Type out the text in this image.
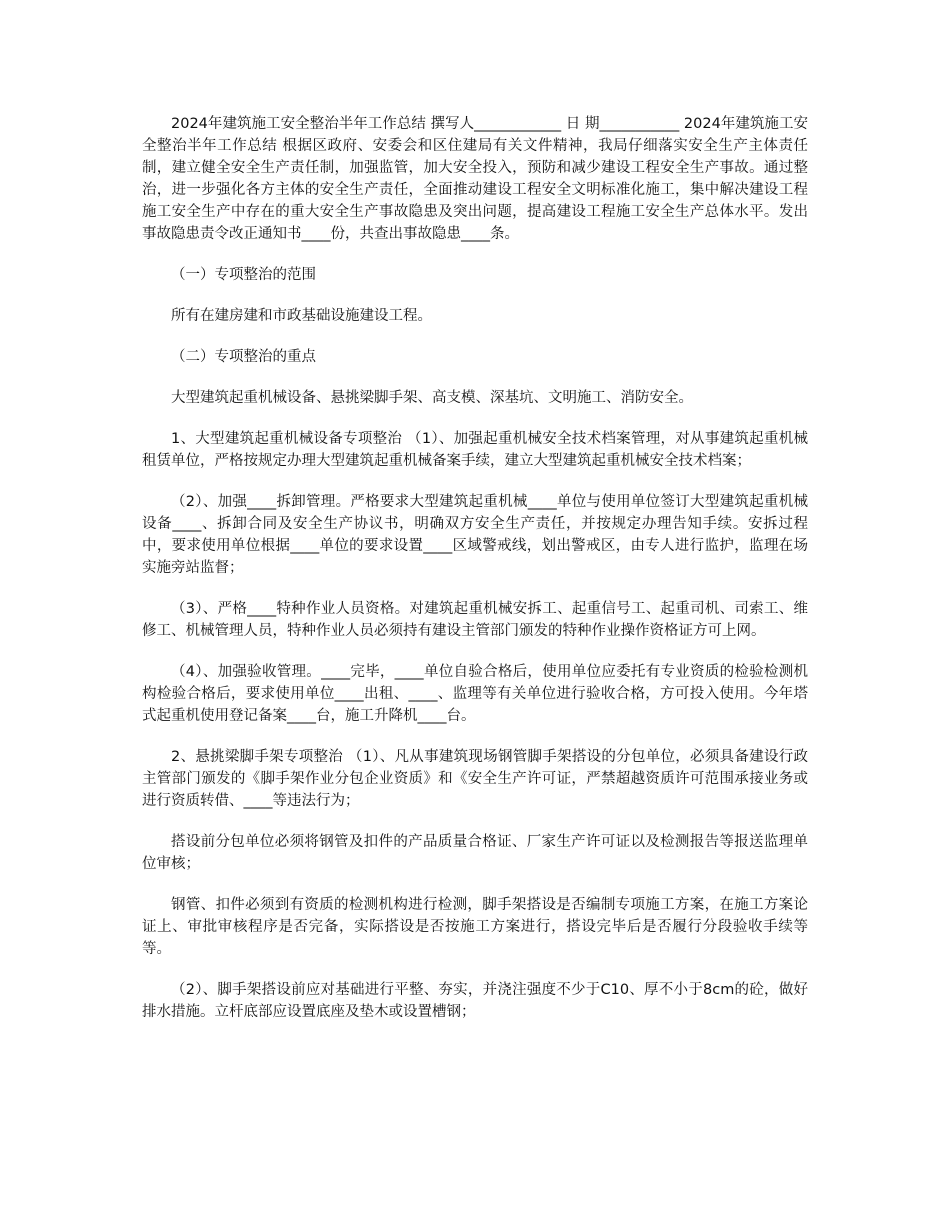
2024年建筑施工安全整治半年工作总结 撰写人____________ 日 期___________ 2024年建筑施工安全整治半年工作总结 根据区政府、安委会和区住建局有关文件精神，我局仔细落实安全生产主体责任制，建立健全安全生产责任制，加强监管，加大安全投入，预防和减少建设工程安全生产事故。通过整治，进一步强化各方主体的安全生产责任，全面推动建设工程安全文明标准化施工，集中解决建设工程施工安全生产中存在的重大安全生产事故隐患及突出问题，提高建设工程施工安全生产总体水平。发出事故隐患责令改正通知书____份，共查出事故隐患____条。

（一）专项整治的范围

所有在建房建和市政基础设施建设工程。

（二）专项整治的重点

大型建筑起重机械设备、悬挑梁脚手架、高支模、深基坑、文明施工、消防安全。

1、大型建筑起重机械设备专项整治 （1）、加强起重机械安全技术档案管理，对从事建筑起重机械租赁单位，严格按规定办理大型建筑起重机械备案手续，建立大型建筑起重机械安全技术档案；

（2）、加强____拆卸管理。严格要求大型建筑起重机械____单位与使用单位签订大型建筑起重机械设备____、拆卸合同及安全生产协议书，明确双方安全生产责任，并按规定办理告知手续。安拆过程中，要求使用单位根据____单位的要求设置____区域警戒线，划出警戒区，由专人进行监护，监理在场实施旁站监督；

（3）、严格____特种作业人员资格。对建筑起重机械安拆工、起重信号工、起重司机、司索工、维修工、机械管理人员，特种作业人员必须持有建设主管部门颁发的特种作业操作资格证方可上网。

（4）、加强验收管理。____完毕，____单位自验合格后，使用单位应委托有专业资质的检验检测机构检验合格后，要求使用单位____出租、____、监理等有关单位进行验收合格，方可投入使用。今年塔式起重机使用登记备案____台，施工升降机____台。

2、悬挑梁脚手架专项整治 （1）、凡从事建筑现场钢管脚手架搭设的分包单位，必须具备建设行政主管部门颁发的《脚手架作业分包企业资质》和《安全生产许可证，严禁超越资质许可范围承接业务或进行资质转借、____等违法行为；

搭设前分包单位必须将钢管及扣件的产品质量合格证、厂家生产许可证以及检测报告等报送监理单位审核；

钢管、扣件必须到有资质的检测机构进行检测，脚手架搭设是否编制专项施工方案，在施工方案论证上、审批审核程序是否完备，实际搭设是否按施工方案进行，搭设完毕后是否履行分段验收手续等等。

（2）、脚手架搭设前应对基础进行平整、夯实，并浇注强度不少于C10、厚不小于8cm的砼，做好排水措施。立杆底部应设置底座及垫木或设置槽钢；
